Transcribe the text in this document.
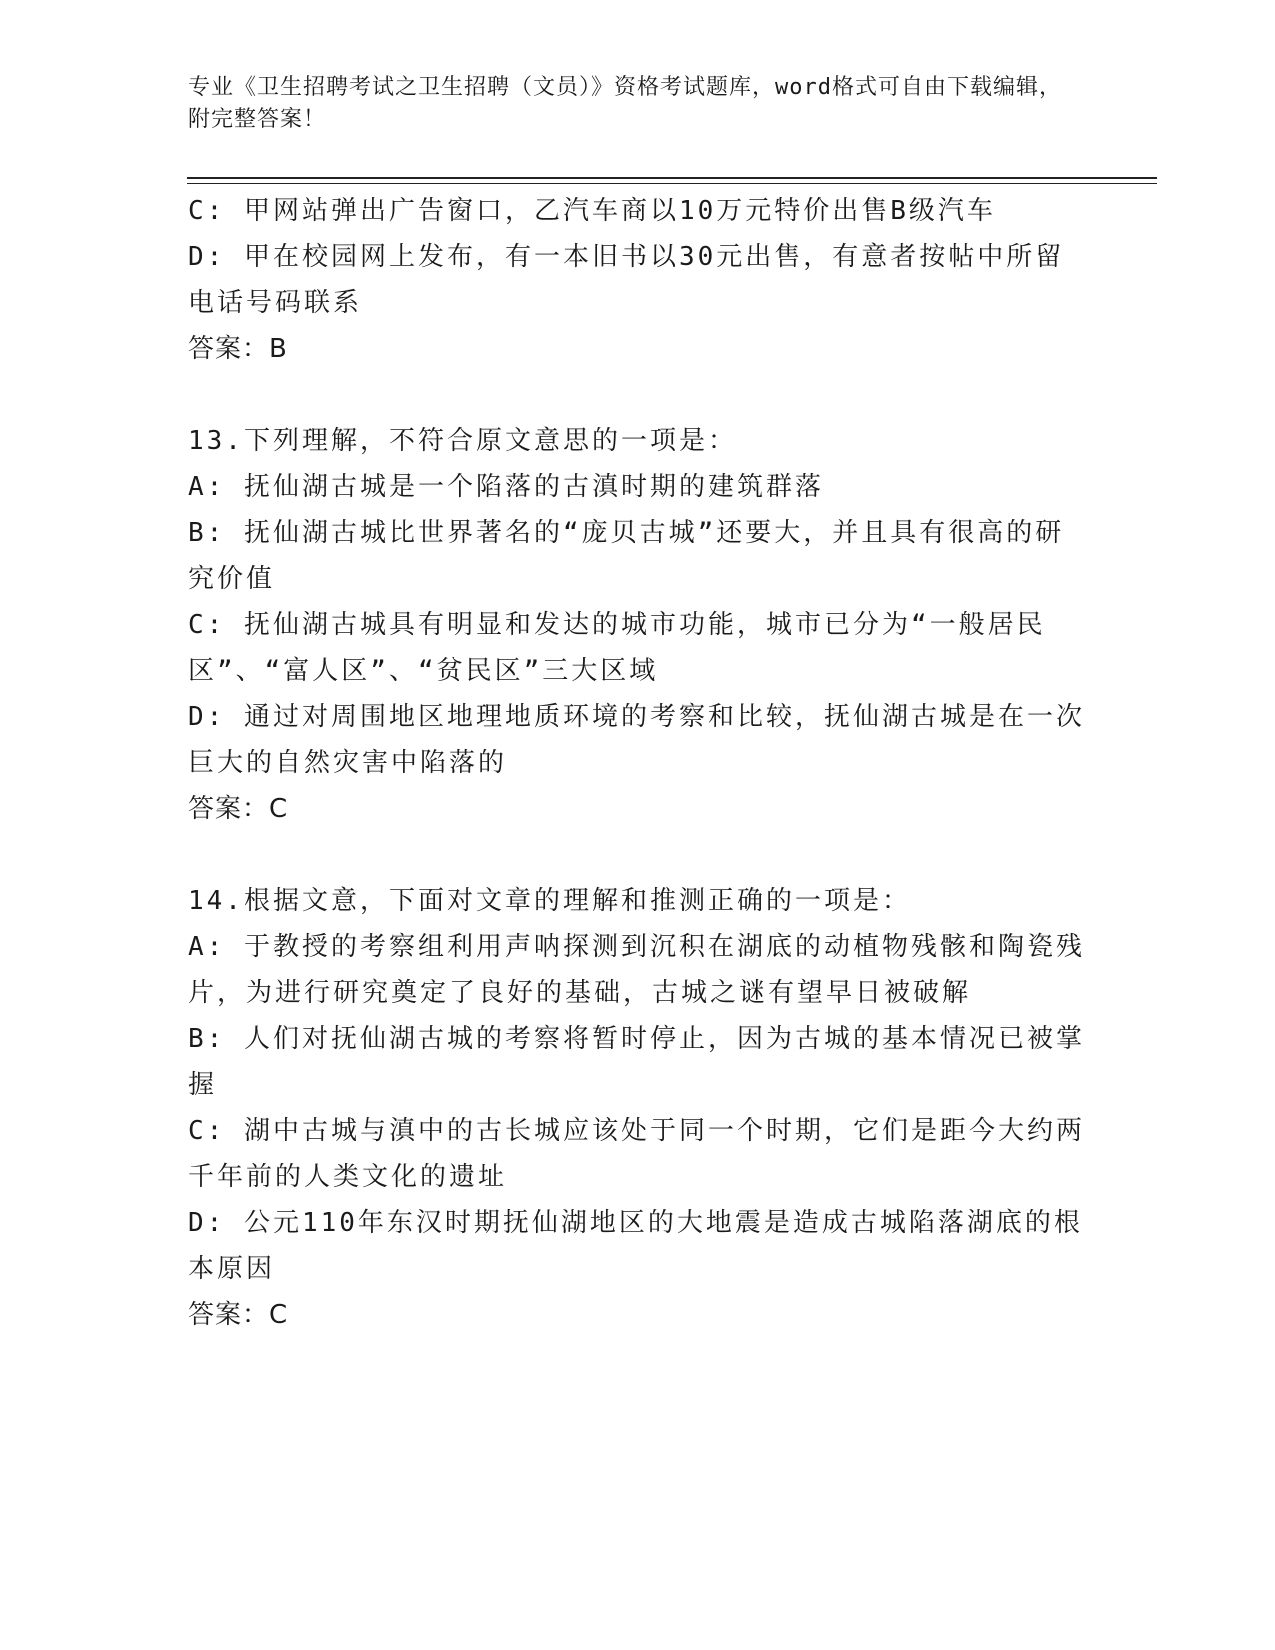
专业《卫生招聘考试之卫生招聘（文员）》资格考试题库，word格式可自由下载编辑，附完整答案！
C: 甲网站弹出广告窗口，乙汽车商以10万元特价出售B级汽车
D: 甲在校园网上发布，有一本旧书以30元出售，有意者按帖中所留电话号码联系
答案：B
13.下列理解，不符合原文意思的一项是：
A: 抚仙湖古城是一个陷落的古滇时期的建筑群落
B: 抚仙湖古城比世界著名的“庞贝古城”还要大，并且具有很高的研究价值
C: 抚仙湖古城具有明显和发达的城市功能，城市已分为“一般居民区”、“富人区”、“贫民区”三大区域
D: 通过对周围地区地理地质环境的考察和比较，抚仙湖古城是在一次巨大的自然灾害中陷落的
答案：C
14.根据文意，下面对文章的理解和推测正确的一项是：
A: 于教授的考察组利用声呐探测到沉积在湖底的动植物残骸和陶瓷残片，为进行研究奠定了良好的基础，古城之谜有望早日被破解
B: 人们对抚仙湖古城的考察将暂时停止，因为古城的基本情况已被掌握
C: 湖中古城与滇中的古长城应该处于同一个时期，它们是距今大约两千年前的人类文化的遗址
D: 公元110年东汉时期抚仙湖地区的大地震是造成古城陷落湖底的根本原因
答案：C
